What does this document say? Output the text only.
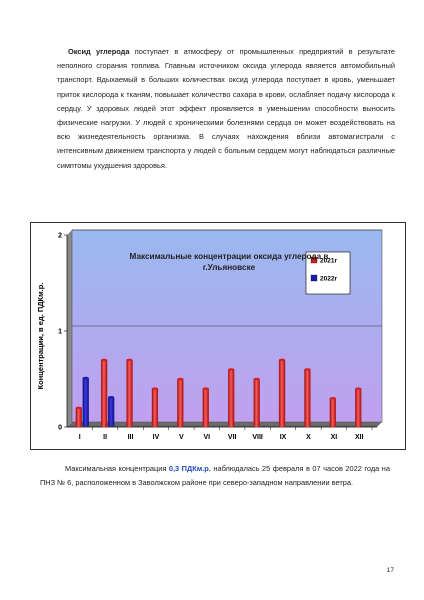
Оксид углерода поступает в атмосферу от промышленных предприятий в результате неполного сгорания топлива. Главным источником оксида углерода является автомобильный транспорт. Вдыхаемый в больших количествах оксид углерода поступает в кровь, уменьшает приток кислорода к тканям, повышает количество сахара в крови, ослабляет подачу кислорода к сердцу. У здоровых людей этот эффект проявляется в уменьшении способности выносить физические нагрузки. У людей с хроническими болезнями сердца он может воздействовать на всю жизнедеятельность организма. В случаях нахождения вблизи автомагистрали с интенсивным движением транспорта у людей с больным сердцем могут наблюдаться различные симптомы ухудшения здоровья.

0
1
2
Концентрации, в ед. ПДКм.р.
I	II	III	IV	V	VI	VII VIII IX	X	XI	XII
2021г
2022г

Максимальные концентрации оксида углерода в
г.Ульяновске

Максимальная концентрация 0,3 ПДКм.р. наблюдалась 25 февраля в 07 часов 2022 года на ПНЗ № 6, расположенном в Заволжском районе при северо-западном направлении ветра.

17
